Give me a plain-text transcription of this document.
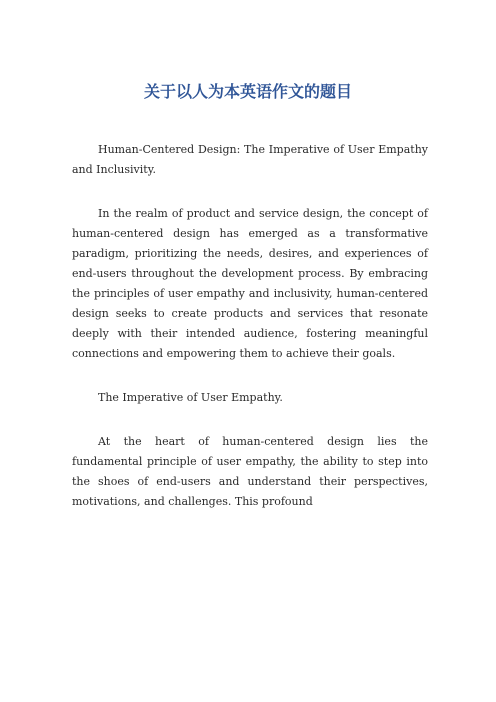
关于以人为本英语作文的题目

Human-Centered Design: The Imperative of User Empathy and Inclusivity.

In the realm of product and service design, the concept of human-centered design has emerged as a transformative paradigm, prioritizing the needs, desires, and experiences of end-users throughout the development process. By embracing the principles of user empathy and inclusivity, human-centered design seeks to create products and services that resonate deeply with their intended audience, fostering meaningful connections and empowering them to achieve their goals.

The Imperative of User Empathy.

At the heart of human-centered design lies the fundamental principle of user empathy, the ability to step into the shoes of end-users and understand their perspectives, motivations, and challenges. This profound
